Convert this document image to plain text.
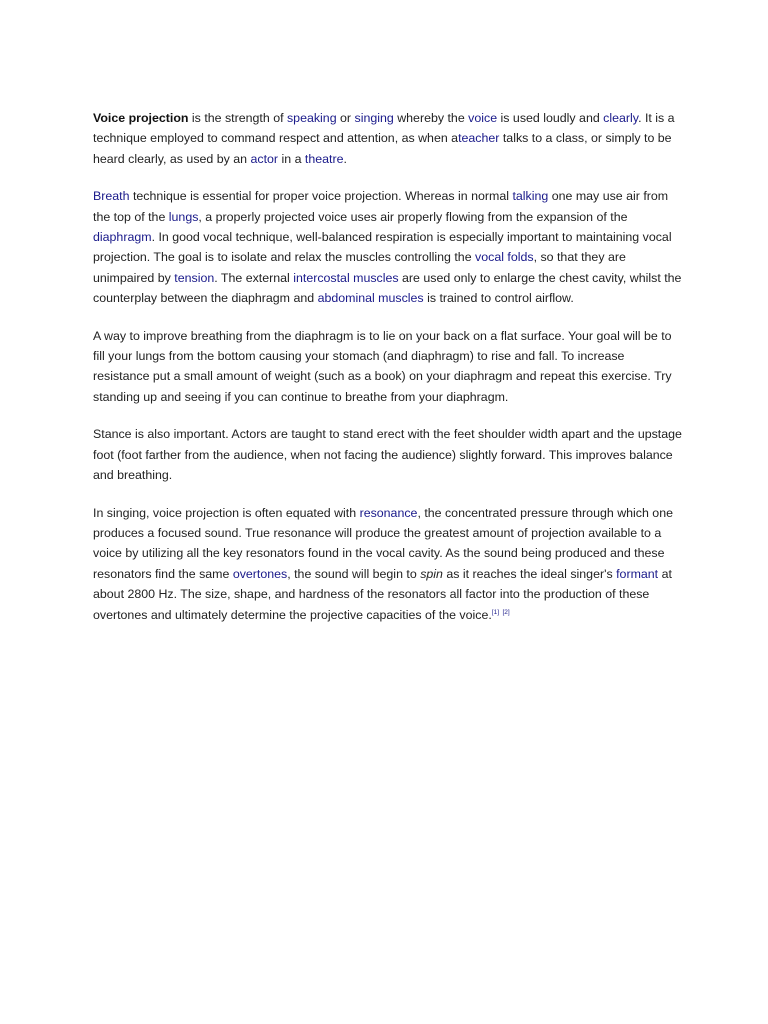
Voice projection is the strength of speaking or singing whereby the voice is used loudly and clearly. It is a technique employed to command respect and attention, as when ateacher talks to a class, or simply to be heard clearly, as used by an actor in a theatre.

Breath technique is essential for proper voice projection. Whereas in normal talking one may use air from the top of the lungs, a properly projected voice uses air properly flowing from the expansion of the diaphragm. In good vocal technique, well-balanced respiration is especially important to maintaining vocal projection. The goal is to isolate and relax the muscles controlling the vocal folds, so that they are unimpaired by tension. The external intercostal muscles are used only to enlarge the chest cavity, whilst the counterplay between the diaphragm and abdominal muscles is trained to control airflow.

A way to improve breathing from the diaphragm is to lie on your back on a flat surface. Your goal will be to fill your lungs from the bottom causing your stomach (and diaphragm) to rise and fall. To increase resistance put a small amount of weight (such as a book) on your diaphragm and repeat this exercise. Try standing up and seeing if you can continue to breathe from your diaphragm.

Stance is also important. Actors are taught to stand erect with the feet shoulder width apart and the upstage foot (foot farther from the audience, when not facing the audience) slightly forward. This improves balance and breathing.

In singing, voice projection is often equated with resonance, the concentrated pressure through which one produces a focused sound. True resonance will produce the greatest amount of projection available to a voice by utilizing all the key resonators found in the vocal cavity. As the sound being produced and these resonators find the same overtones, the sound will begin to spin as it reaches the ideal singer's formant at about 2800 Hz. The size, shape, and hardness of the resonators all factor into the production of these overtones and ultimately determine the projective capacities of the voice.[1] [2]
